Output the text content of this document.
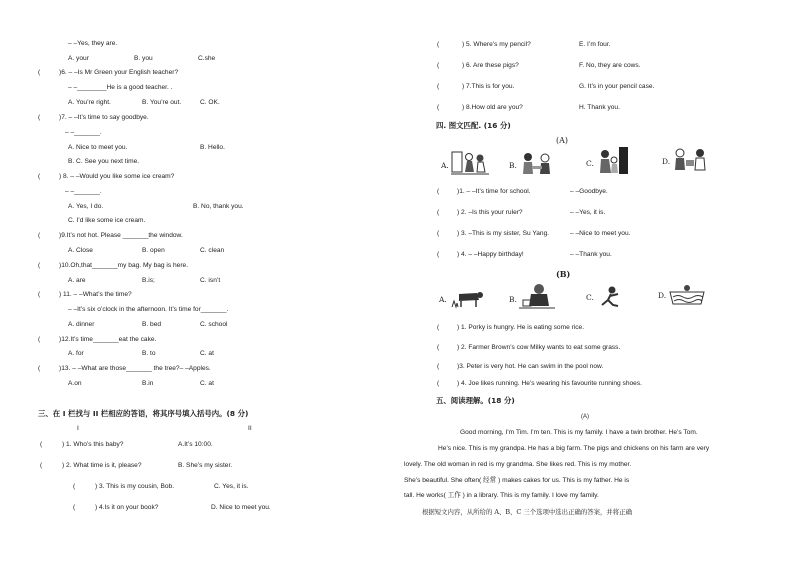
– –Yes, they are.
A. your	B. you	C.she
(	)6. – –Is Mr Green your English teacher?
– –________He is a good teacher. .
A. You’re right.	B. You’re out.	C. OK.
(	)7. – –It’s time to say goodbye.
– –_______.
A. Nice to meet you.	B. Hello.
B. C. See you next time.
(	) 8. – –Would you like some ice cream?
– –_______.
A. Yes, I do.	B. No, thank you.
C. I’d like some ice cream.
(	)9.It’s not hot. Please _______the window.
A. Close	B. open	C. clean
(	)10.Oh,that_______my bag. My bag is here.
A. are	B.is;	C. isn’t
(	) 11. – –What’s the time?
– –It’s six o’clock in the afternoon. It’s time for_______.
A. dinner	B. bed	C. school
(	)12.It’s time_______eat the cake.
A. for	B. to	C. at
(	)13. – –What are those_______ the tree?– –Apples.
A.on	B.in	C. at
三、在 I 栏找与 II 栏相应的答语，将其序号填入括号内。(8 分)
I	II
(	) 1. Who’s this baby?	A.It’s 10:00.
(	) 2. What time is it, please?	B. She’s my sister.
(	) 3. This is my cousin, Bob.	C. Yes, it is.
(	) 4.Is it on your book?	D. Nice to meet you.
(	) 5. Where’s my pencil?	E. I’m four.
(	) 6. Are these pigs?	F. No, they are cows.
(	) 7.This is for you.	G. It’s in your pencil case.
(	) 8.How old are you?	H. Thank you.
四. 图文匹配. (16 分)
(A)
A.	B.	C.	D.
(	)1. – –It’s time for school.	– –Goodbye.
(	) 2. –Is this your ruler?	– –Yes, it is.
(	) 3. –This is my sister, Su Yang.	– –Nice to meet you.
(	) 4. – –Happy birthday!	– –Thank you.
(B)
A.	B.	C.	D.
(	) 1. Porky is hungry. He is eating some rice.
(	) 2. Farmer Brown’s cow Milky wants to eat some grass.
(	)3. Peter is very hot. He can swim in the pool now.
(	) 4. Joe likes running. He’s wearing his favourite running shoes.
五、阅读理解。(18 分)
(A)
Good morning, I’m Tim. I’m ten. This is my family. I have a twin brother. He’s Tom.
He’s nice. This is my grandpa. He has a big farm. The pigs and chickens on his farm are very
lovely. The old woman in red is my grandma. She likes red. This is my mother.
She’s beautiful. She often( 经常 ) makes cakes for us. This is my father. He is
tall. He works( 工作 ) in a library. This is my family. I love my family.
根据短文内容，从所给的 A、B、C 三个选项中选出正确的答案，并将正确
